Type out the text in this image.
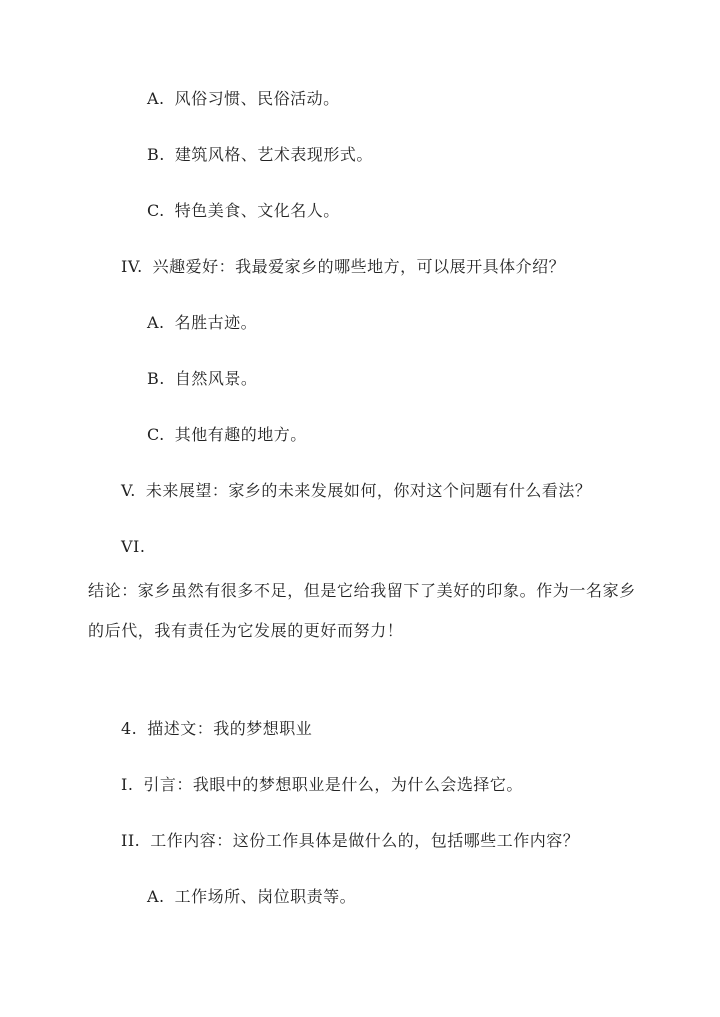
A. 风俗习惯、民俗活动。
B. 建筑风格、艺术表现形式。
C. 特色美食、文化名人。
IV. 兴趣爱好：我最爱家乡的哪些地方，可以展开具体介绍？
A. 名胜古迹。
B. 自然风景。
C. 其他有趣的地方。
V. 未来展望：家乡的未来发展如何，你对这个问题有什么看法？
VI.
结论：家乡虽然有很多不足，但是它给我留下了美好的印象。作为一名家乡的后代，我有责任为它发展的更好而努力！
4. 描述文：我的梦想职业
I. 引言：我眼中的梦想职业是什么，为什么会选择它。
II. 工作内容：这份工作具体是做什么的，包括哪些工作内容？
A. 工作场所、岗位职责等。
